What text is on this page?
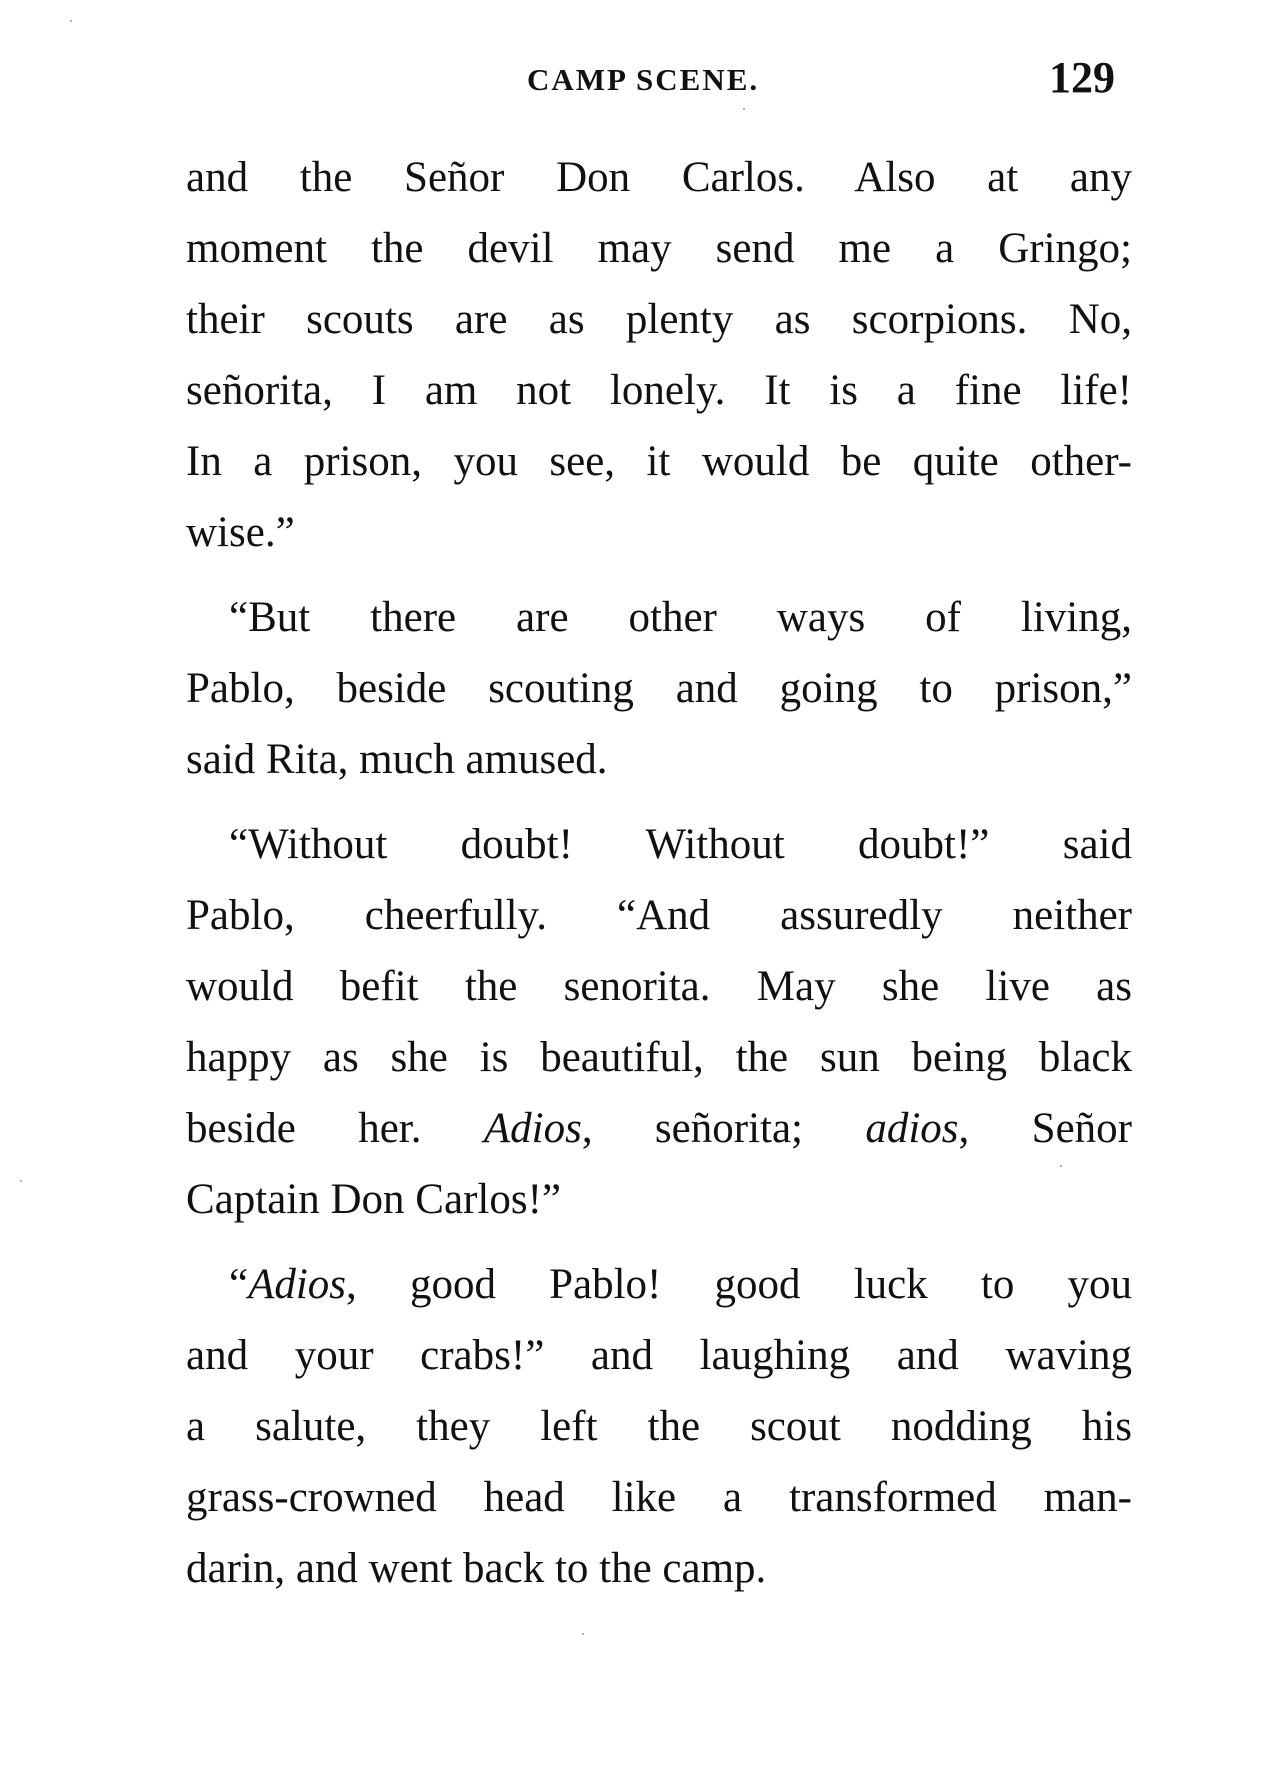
CAMP SCENE.	129
and the Señor Don Carlos. Also at any
moment the devil may send me a Gringo;
their scouts are as plenty as scorpions. No,
señorita, I am not lonely. It is a fine life!
In a prison, you see, it would be quite other-
wise.”
“But there are other ways of living,
Pablo, beside scouting and going to prison,”
said Rita, much amused.
“Without doubt! Without doubt!” said
Pablo, cheerfully. “And assuredly neither
would befit the senorita. May she live as
happy as she is beautiful, the sun being black
beside her. Adios, señorita; adios, Señor
Captain Don Carlos!”
“Adios, good Pablo! good luck to you
and your crabs!” and laughing and waving
a salute, they left the scout nodding his
grass-crowned head like a transformed man-
darin, and went back to the camp.
